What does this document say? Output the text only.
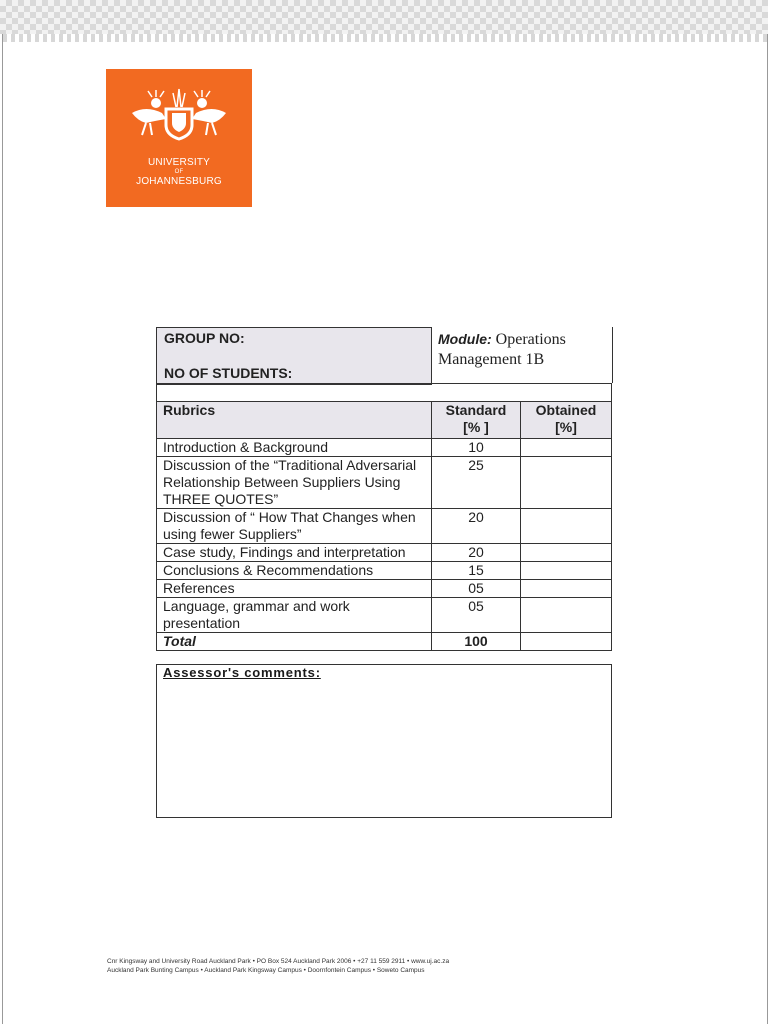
UNIVERSITY
OF
JOHANNESBURG
GROUP NO:
NO OF STUDENTS:
Module: Operations
Management 1B
Rubrics	Standard [% ]	Obtained [%]
Introduction & Background	10	
Discussion of the “Traditional Adversarial Relationship Between Suppliers Using THREE QUOTES”	25	
Discussion of “ How That Changes when using fewer Suppliers”	20	
Case study, Findings and interpretation	20	
Conclusions & Recommendations	15	
References	05	
Language, grammar and work presentation	05	
Total	100	
Assessor's comments:
Cnr Kingsway and University Road Auckland Park • PO Box 524 Auckland Park 2006 • +27 11 559 2911 • www.uj.ac.za
Auckland Park Bunting Campus • Auckland Park Kingsway Campus • Doornfontein Campus • Soweto Campus
